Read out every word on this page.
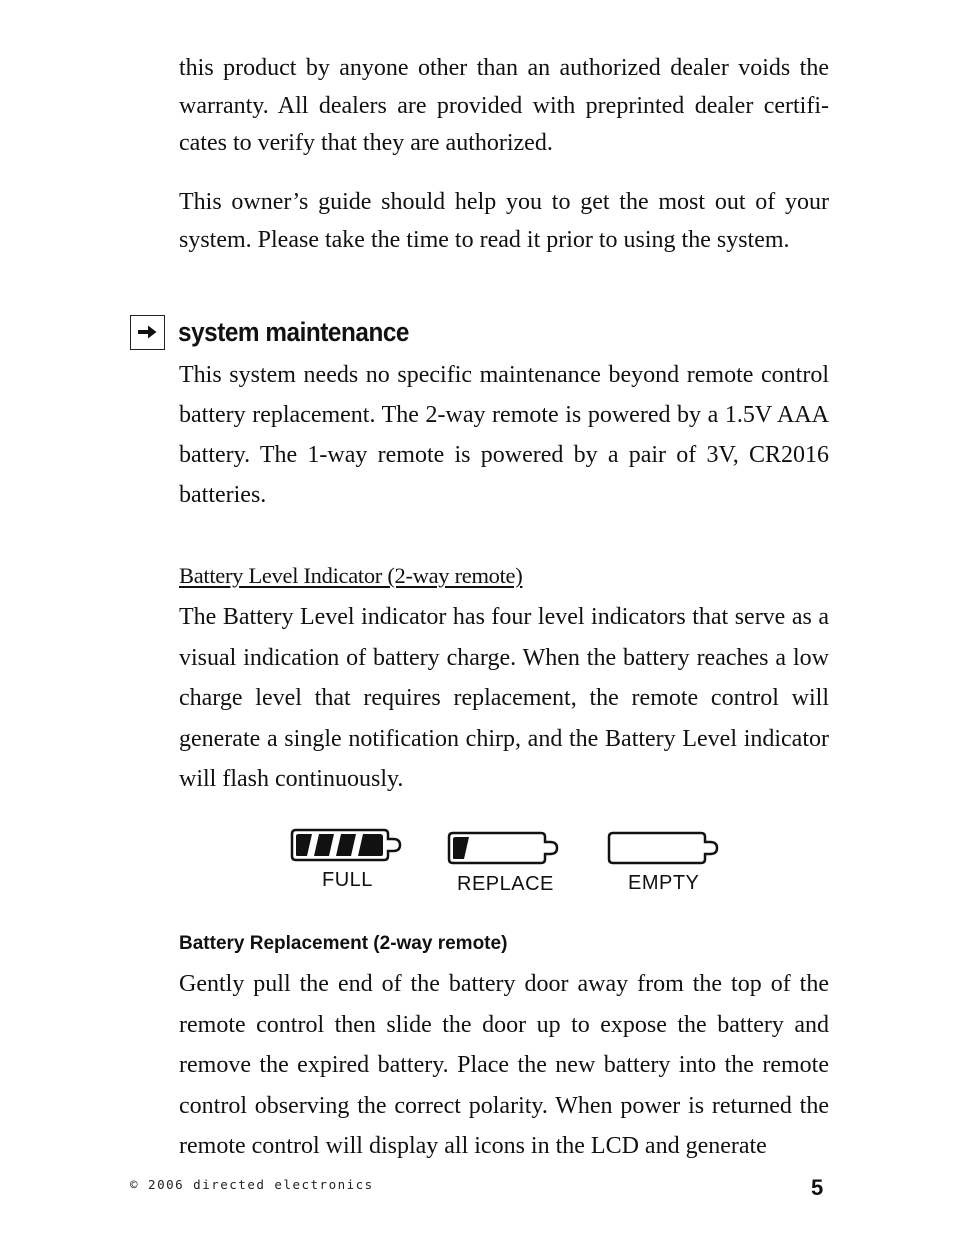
this product by anyone other than an authorized dealer voids the warranty. All dealers are provided with preprinted dealer certifi-cates to verify that they are authorized.

This owner’s guide should help you to get the most out of your system. Please take the time to read it prior to using the system.

system maintenance

This system needs no specific maintenance beyond remote control battery replacement. The 2-way remote is powered by a 1.5V AAA battery. The 1-way remote is powered by a pair of 3V, CR2016 batteries.

Battery Level Indicator (2-way remote)

The Battery Level indicator has four level indicators that serve as a visual indication of battery charge. When the battery reaches a low charge level that requires replacement, the remote control will generate a single notification chirp, and the Battery Level indicator will flash continuously.

FULL	REPLACE	EMPTY
Battery Replacement (2-way remote)

Gently pull the end of the battery door away from the top of the remote control then slide the door up to expose the battery and remove the expired battery. Place the new battery into the remote control observing the correct polarity. When power is returned the remote control will display all icons in the LCD and generate

© 2006 directed electronics	5
